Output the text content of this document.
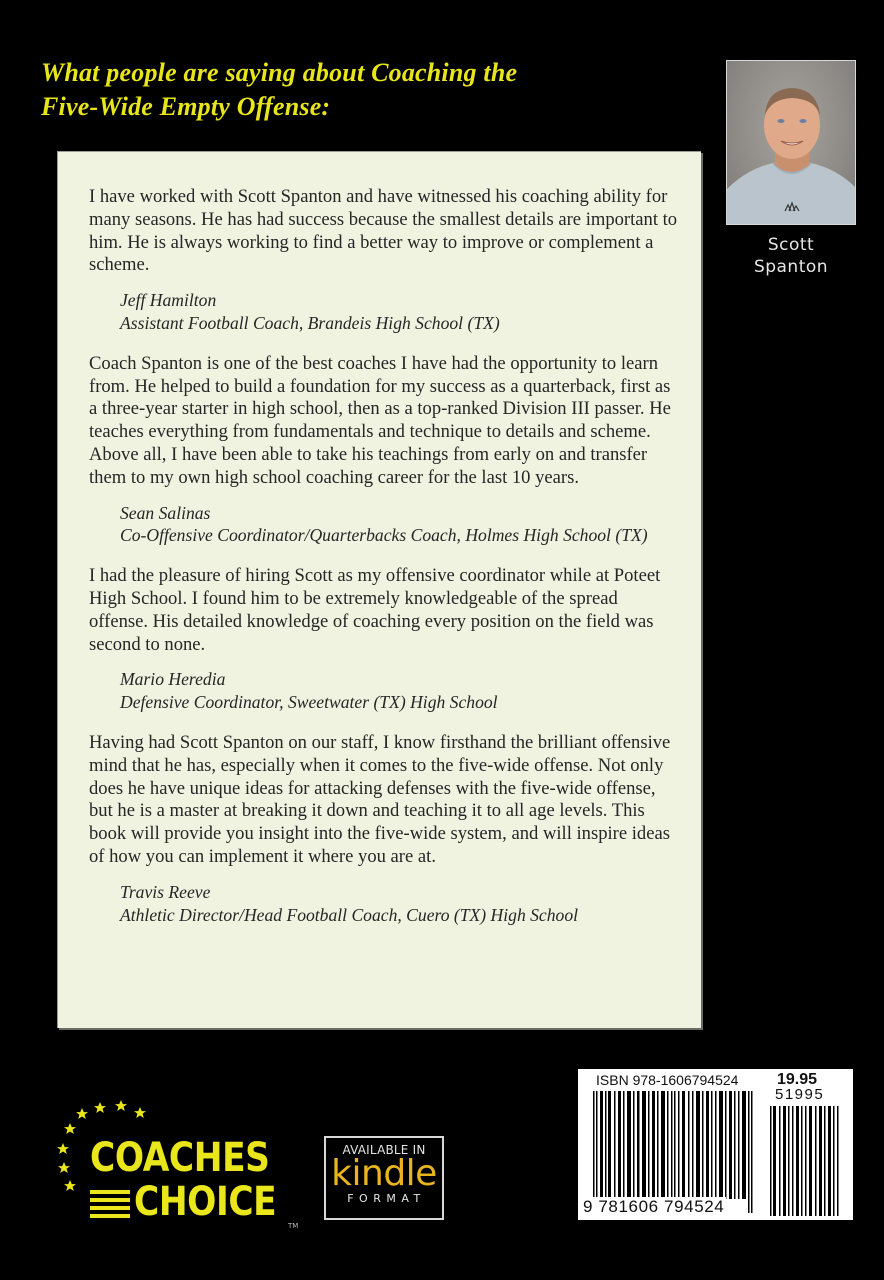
What people are saying about Coaching the
Five-Wide Empty Offense:

I have worked with Scott Spanton and have witnessed his coaching ability for many seasons. He has had success because the smallest details are important to him. He is always working to find a better way to improve or complement a scheme.

Jeff Hamilton
Assistant Football Coach, Brandeis High School (TX)

Coach Spanton is one of the best coaches I have had the opportunity to learn from. He helped to build a foundation for my success as a quarterback, first as a three-year starter in high school, then as a top-ranked Division III passer. He teaches everything from fundamentals and technique to details and scheme. Above all, I have been able to take his teachings from early on and transfer them to my own high school coaching career for the last 10 years.

Sean Salinas
Co-Offensive Coordinator/Quarterbacks Coach, Holmes High School (TX)

I had the pleasure of hiring Scott as my offensive coordinator while at Poteet High School. I found him to be extremely knowledgeable of the spread offense. His detailed knowledge of coaching every position on the field was second to none.

Mario Heredia
Defensive Coordinator, Sweetwater (TX) High School

Having had Scott Spanton on our staff, I know firsthand the brilliant offensive mind that he has, especially when it comes to the five-wide offense. Not only does he have unique ideas for attacking defenses with the five-wide offense, but he is a master at breaking it down and teaching it to all age levels. This book will provide you insight into the five-wide system, and will inspire ideas of how you can implement it where you are at.

Travis Reeve
Athletic Director/Head Football Coach, Cuero (TX) High School
Scott
Spanton
COACHES
CHOICE
TM
AVAILABLE IN
kindle
FORMAT
ISBN 978-1606794524 19.95
51995
9 781606 794524
